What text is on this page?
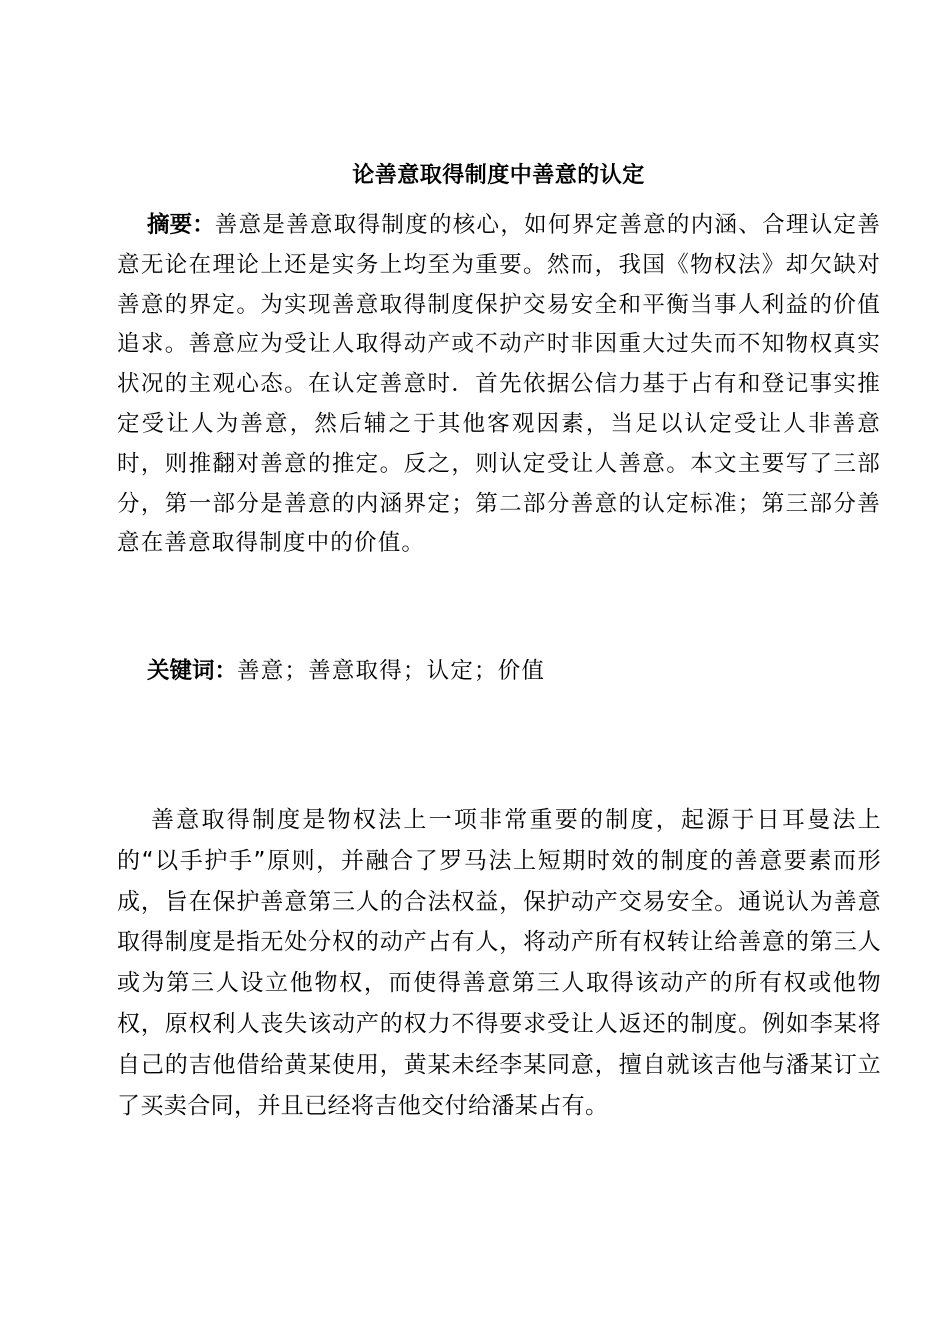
论善意取得制度中善意的认定

摘要：善意是善意取得制度的核心，如何界定善意的内涵、合理认定善意无论在理论上还是实务上均至为重要。然而，我国《物权法》却欠缺对善意的界定。为实现善意取得制度保护交易安全和平衡当事人利益的价值追求。善意应为受让人取得动产或不动产时非因重大过失而不知物权真实状况的主观心态。在认定善意时．首先依据公信力基于占有和登记事实推定受让人为善意，然后辅之于其他客观因素，当足以认定受让人非善意时，则推翻对善意的推定。反之，则认定受让人善意。本文主要写了三部分，第一部分是善意的内涵界定；第二部分善意的认定标准；第三部分善意在善意取得制度中的价值。

关键词：善意；善意取得；认定；价值

善意取得制度是物权法上一项非常重要的制度，起源于日耳曼法上的“以手护手”原则，并融合了罗马法上短期时效的制度的善意要素而形成，旨在保护善意第三人的合法权益，保护动产交易安全。通说认为善意取得制度是指无处分权的动产占有人，将动产所有权转让给善意的第三人或为第三人设立他物权，而使得善意第三人取得该动产的所有权或他物权，原权利人丧失该动产的权力不得要求受让人返还的制度。例如李某将自己的吉他借给黄某使用，黄某未经李某同意，擅自就该吉他与潘某订立了买卖合同，并且已经将吉他交付给潘某占有。
